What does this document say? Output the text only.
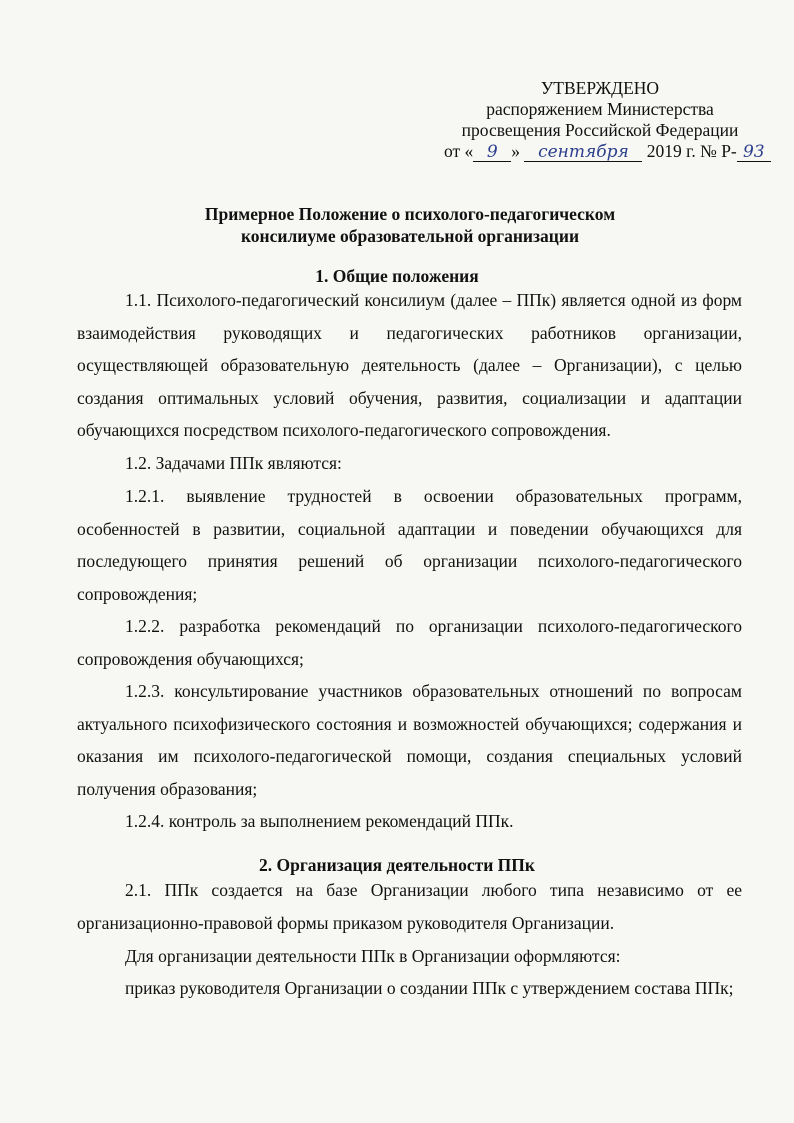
УТВЕРЖДЕНО
распоряжением Министерства
просвещения Российской Федерации
от « 9 » сентября 2019 г. № Р- 93
Примерное Положение о психолого-педагогическом
консилиуме образовательной организации
1. Общие положения
1.1. Психолого-педагогический консилиум (далее – ППк) является одной из форм взаимодействия руководящих и педагогических работников организации, осуществляющей образовательную деятельность (далее – Организации), с целью создания оптимальных условий обучения, развития, социализации и адаптации обучающихся посредством психолого-педагогического сопровождения.
1.2. Задачами ППк являются:
1.2.1. выявление трудностей в освоении образовательных программ, особенностей в развитии, социальной адаптации и поведении обучающихся для последующего принятия решений об организации психолого-педагогического сопровождения;
1.2.2. разработка рекомендаций по организации психолого-педагогического сопровождения обучающихся;
1.2.3. консультирование участников образовательных отношений по вопросам актуального психофизического состояния и возможностей обучающихся; содержания и оказания им психолого-педагогической помощи, создания специальных условий получения образования;
1.2.4. контроль за выполнением рекомендаций ППк.
2. Организация деятельности ППк
2.1. ППк создается на базе Организации любого типа независимо от ее организационно-правовой формы приказом руководителя Организации.
Для организации деятельности ППк в Организации оформляются:
приказ руководителя Организации о создании ППк с утверждением состава ППк;
